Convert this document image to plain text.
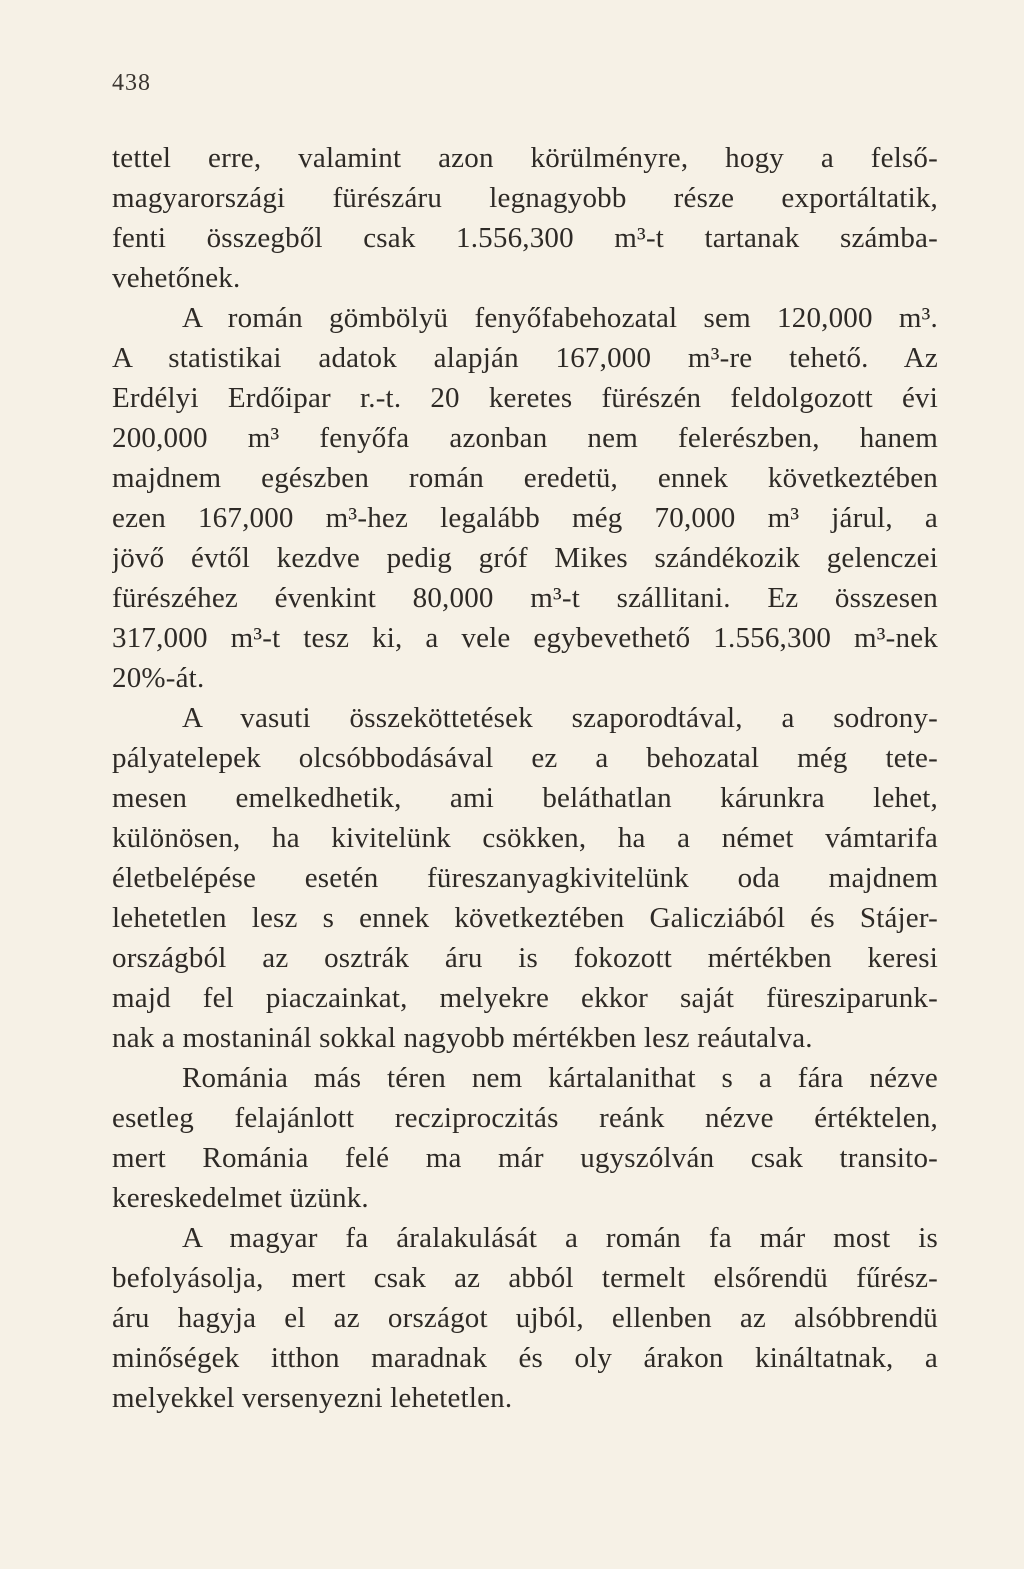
438
tettel erre, valamint azon körülményre, hogy a felső-
magyarországi fürészáru legnagyobb része exportáltatik,
fenti összegből csak 1.556,300 m³-t tartanak számba-
vehetőnek.
A román gömbölyü fenyőfabehozatal sem 120,000 m³.
A statistikai adatok alapján 167,000 m³-re tehető. Az
Erdélyi Erdőipar r.-t. 20 keretes fürészén feldolgozott évi
200,000 m³ fenyőfa azonban nem felerészben, hanem
majdnem egészben román eredetü, ennek következtében
ezen 167,000 m³-hez legalább még 70,000 m³ járul, a
jövő évtől kezdve pedig gróf Mikes szándékozik gelenczei
fürészéhez évenkint 80,000 m³-t szállitani. Ez összesen
317,000 m³-t tesz ki, a vele egybevethető 1.556,300 m³-nek
20%-át.
A vasuti összeköttetések szaporodtával, a sodrony-
pályatelepek olcsóbbodásával ez a behozatal még tete-
mesen emelkedhetik, ami beláthatlan kárunkra lehet,
különösen, ha kivitelünk csökken, ha a német vámtarifa
életbelépése esetén füreszanyagkivitelünk oda majdnem
lehetetlen lesz s ennek következtében Galicziából és Stájer-
országból az osztrák áru is fokozott mértékben keresi
majd fel piaczainkat, melyekre ekkor saját füresziparunk-
nak a mostaninál sokkal nagyobb mértékben lesz reáutalva.
Románia más téren nem kártalanithat s a fára nézve
esetleg felajánlott recziproczitás reánk nézve értéktelen,
mert Románia felé ma már ugyszólván csak transito-
kereskedelmet üzünk.
A magyar fa áralakulását a román fa már most is
befolyásolja, mert csak az abból termelt elsőrendü fűrész-
áru hagyja el az országot ujból, ellenben az alsóbbrendü
minőségek itthon maradnak és oly árakon kináltatnak, a
melyekkel versenyezni lehetetlen.
